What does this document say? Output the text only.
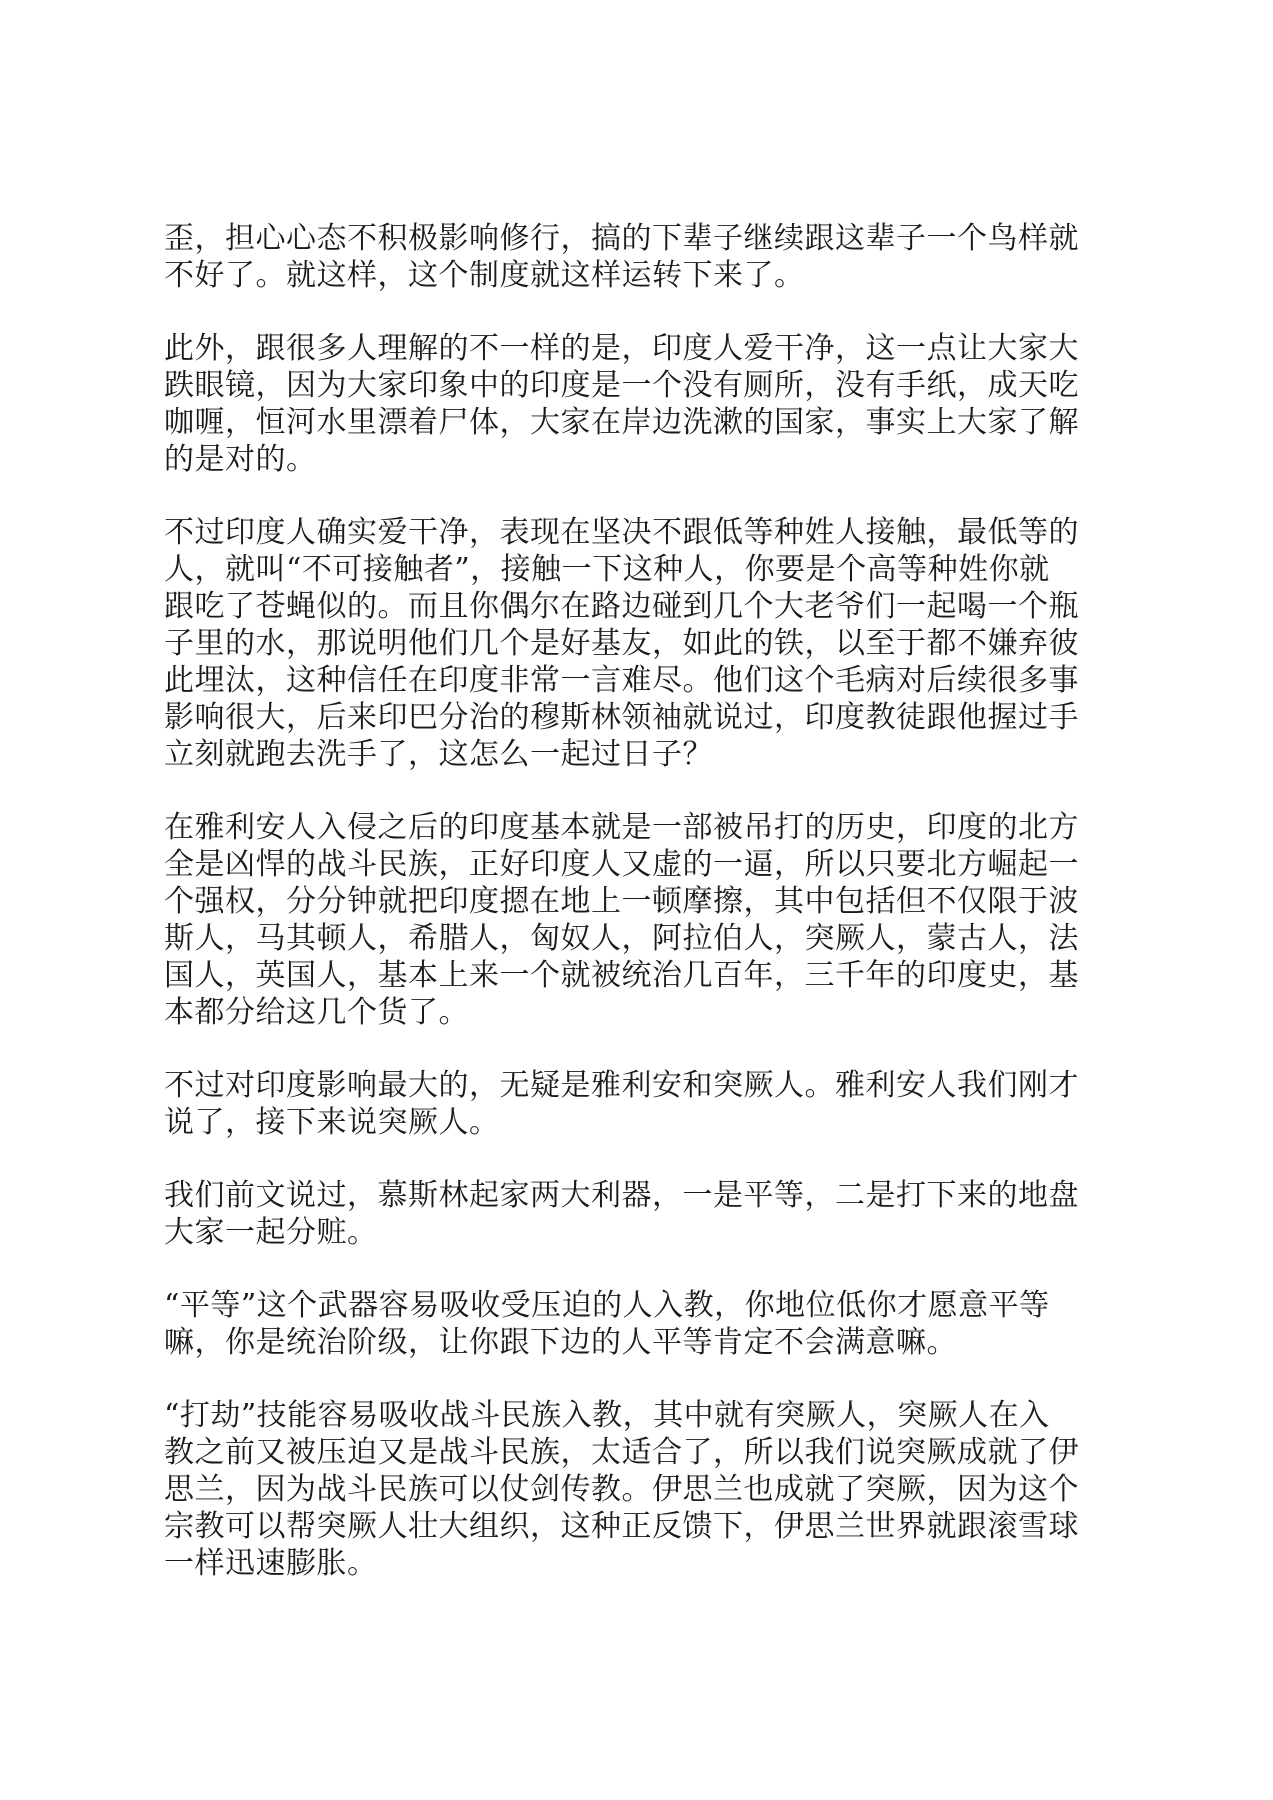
歪，担心心态不积极影响修行，搞的下辈子继续跟这辈子一个鸟样就
不好了。就这样，这个制度就这样运转下来了。

此外，跟很多人理解的不一样的是，印度人爱干净，这一点让大家大
跌眼镜，因为大家印象中的印度是一个没有厕所，没有手纸，成天吃
咖喱，恒河水里漂着尸体，大家在岸边洗漱的国家，事实上大家了解
的是对的。

不过印度人确实爱干净，表现在坚决不跟低等种姓人接触，最低等的
人，就叫“不可接触者”，接触一下这种人，你要是个高等种姓你就
跟吃了苍蝇似的。而且你偶尔在路边碰到几个大老爷们一起喝一个瓶
子里的水，那说明他们几个是好基友，如此的铁，以至于都不嫌弃彼
此埋汰，这种信任在印度非常一言难尽。他们这个毛病对后续很多事
影响很大，后来印巴分治的穆斯林领袖就说过，印度教徒跟他握过手
立刻就跑去洗手了，这怎么一起过日子？

在雅利安人入侵之后的印度基本就是一部被吊打的历史，印度的北方
全是凶悍的战斗民族，正好印度人又虚的一逼，所以只要北方崛起一
个强权，分分钟就把印度摁在地上一顿摩擦，其中包括但不仅限于波
斯人，马其顿人，希腊人，匈奴人，阿拉伯人，突厥人，蒙古人，法
国人，英国人，基本上来一个就被统治几百年，三千年的印度史，基
本都分给这几个货了。

不过对印度影响最大的，无疑是雅利安和突厥人。雅利安人我们刚才
说了，接下来说突厥人。

我们前文说过，慕斯林起家两大利器，一是平等，二是打下来的地盘
大家一起分赃。

“平等”这个武器容易吸收受压迫的人入教，你地位低你才愿意平等
嘛，你是统治阶级，让你跟下边的人平等肯定不会满意嘛。

“打劫”技能容易吸收战斗民族入教，其中就有突厥人，突厥人在入
教之前又被压迫又是战斗民族，太适合了，所以我们说突厥成就了伊
思兰，因为战斗民族可以仗剑传教。伊思兰也成就了突厥，因为这个
宗教可以帮突厥人壮大组织，这种正反馈下，伊思兰世界就跟滚雪球
一样迅速膨胀。
